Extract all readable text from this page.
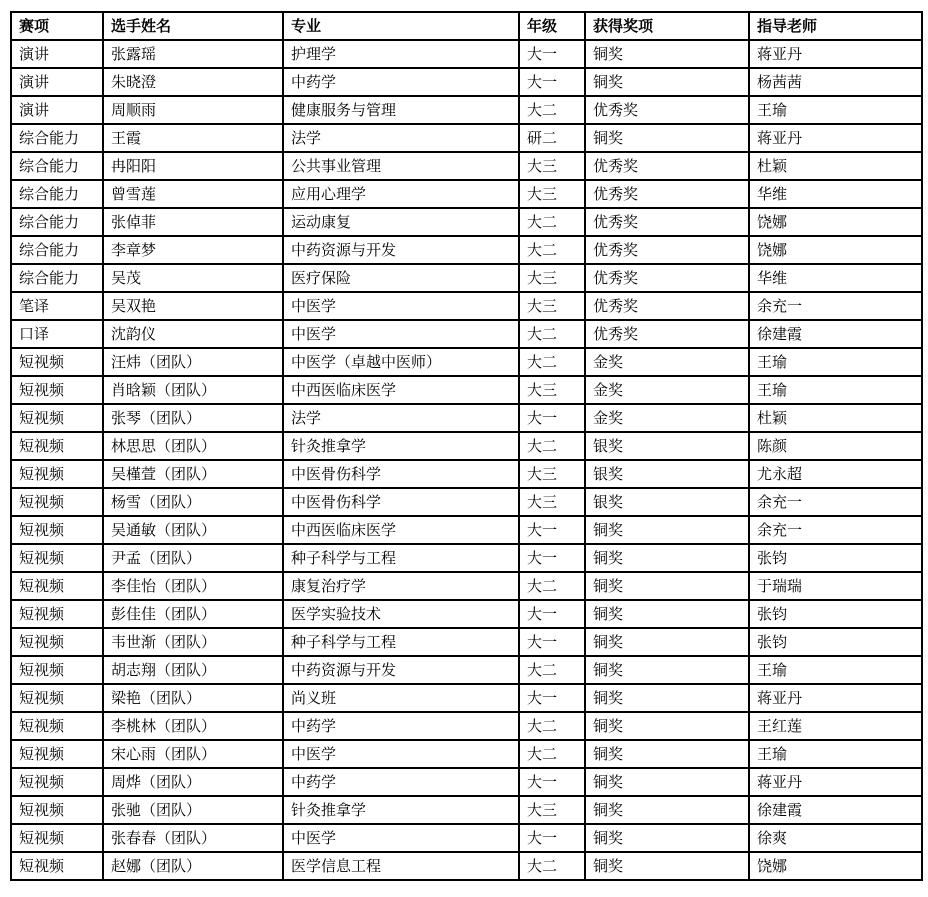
赛项	选手姓名	专业	年级	获得奖项	指导老师
演讲	张露瑶	护理学	大一	铜奖	蒋亚丹
演讲	朱晓澄	中药学	大一	铜奖	杨茜茜
演讲	周顺雨	健康服务与管理	大二	优秀奖	王瑜
综合能力	王霞	法学	研二	铜奖	蒋亚丹
综合能力	冉阳阳	公共事业管理	大三	优秀奖	杜颖
综合能力	曾雪莲	应用心理学	大三	优秀奖	华维
综合能力	张倬菲	运动康复	大二	优秀奖	饶娜
综合能力	李章梦	中药资源与开发	大二	优秀奖	饶娜
综合能力	吴茂	医疗保险	大三	优秀奖	华维
笔译	吴双艳	中医学	大三	优秀奖	余充一
口译	沈韵仪	中医学	大二	优秀奖	徐建霞
短视频	汪炜（团队）	中医学（卓越中医师）	大二	金奖	王瑜
短视频	肖晗颖（团队）	中西医临床医学	大三	金奖	王瑜
短视频	张琴（团队）	法学	大一	金奖	杜颖
短视频	林思思（团队）	针灸推拿学	大二	银奖	陈颜
短视频	吴槿萱（团队）	中医骨伤科学	大三	银奖	尤永超
短视频	杨雪（团队）	中医骨伤科学	大三	银奖	余充一
短视频	吴通敏（团队）	中西医临床医学	大一	铜奖	余充一
短视频	尹孟（团队）	种子科学与工程	大一	铜奖	张钧
短视频	李佳怡（团队）	康复治疗学	大二	铜奖	于瑞瑞
短视频	彭佳佳（团队）	医学实验技术	大一	铜奖	张钧
短视频	韦世渐（团队）	种子科学与工程	大一	铜奖	张钧
短视频	胡志翔（团队）	中药资源与开发	大二	铜奖	王瑜
短视频	梁艳（团队）	尚义班	大一	铜奖	蒋亚丹
短视频	李桃林（团队）	中药学	大二	铜奖	王红莲
短视频	宋心雨（团队）	中医学	大二	铜奖	王瑜
短视频	周烨（团队）	中药学	大一	铜奖	蒋亚丹
短视频	张驰（团队）	针灸推拿学	大三	铜奖	徐建霞
短视频	张春春（团队）	中医学	大一	铜奖	徐爽
短视频	赵娜（团队）	医学信息工程	大二	铜奖	饶娜
